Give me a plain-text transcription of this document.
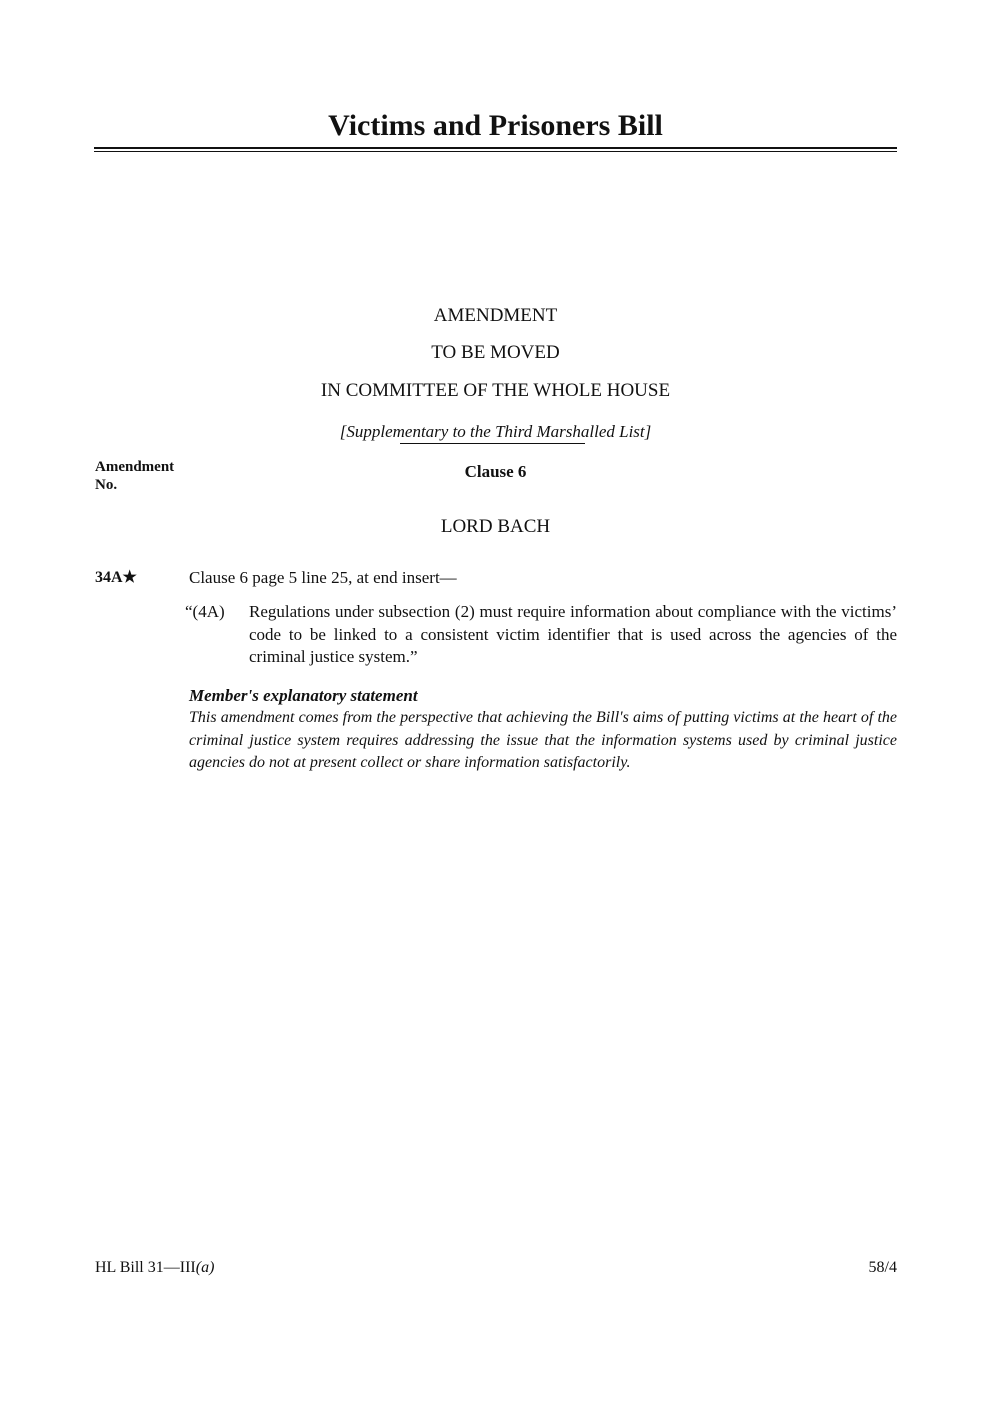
Victims and Prisoners Bill
AMENDMENT
TO BE MOVED
IN COMMITTEE OF THE WHOLE HOUSE
[Supplementary to the Third Marshalled List]
Amendment
No.
Clause 6
LORD BACH
34A★	Clause 6 page 5 line 25, at end insert—
“(4A) Regulations under subsection (2) must require information about compliance with the victims’ code to be linked to a consistent victim identifier that is used across the agencies of the criminal justice system.”
Member's explanatory statement
This amendment comes from the perspective that achieving the Bill's aims of putting victims at the heart of the criminal justice system requires addressing the issue that the information systems used by criminal justice agencies do not at present collect or share information satisfactorily.
HL Bill 31—III(a)	58/4
